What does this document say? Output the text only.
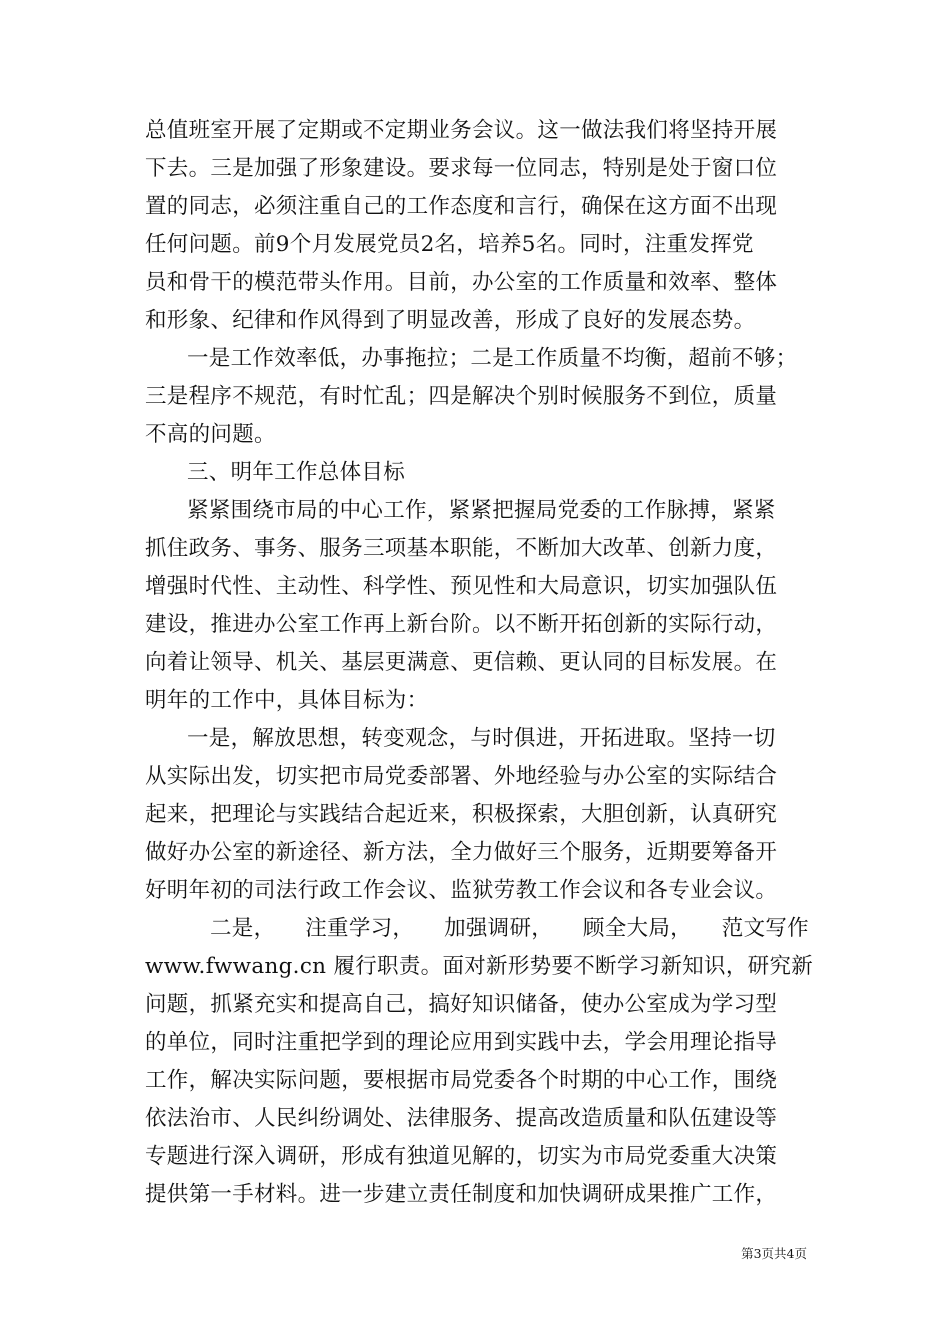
总值班室开展了定期或不定期业务会议。这一做法我们将坚持开展
下去。三是加强了形象建设。要求每一位同志，特别是处于窗口位
置的同志，必须注重自己的工作态度和言行，确保在这方面不出现
任何问题。前9个月发展党员2名，培养5名。同时，注重发挥党
员和骨干的模范带头作用。目前，办公室的工作质量和效率、整体
和形象、纪律和作风得到了明显改善，形成了良好的发展态势。
一是工作效率低，办事拖拉；二是工作质量不均衡，超前不够；
三是程序不规范，有时忙乱；四是解决个别时候服务不到位，质量
不高的问题。
三、明年工作总体目标
紧紧围绕市局的中心工作，紧紧把握局党委的工作脉搏，紧紧
抓住政务、事务、服务三项基本职能，不断加大改革、创新力度，
增强时代性、主动性、科学性、预见性和大局意识，切实加强队伍
建设，推进办公室工作再上新台阶。以不断开拓创新的实际行动，
向着让领导、机关、基层更满意、更信赖、更认同的目标发展。在
明年的工作中，具体目标为：
一是，解放思想，转变观念，与时俱进，开拓进取。坚持一切
从实际出发，切实把市局党委部署、外地经验与办公室的实际结合
起来，把理论与实践结合起近来，积极探索，大胆创新，认真研究
做好办公室的新途径、新方法，全力做好三个服务，近期要筹备开
好明年初的司法行政工作会议、监狱劳教工作会议和各专业会议。
二是， 注重学习， 加强调研， 顾全大局， 范文写作
www.fwwang.cn 履行职责。面对新形势要不断学习新知识，研究新
问题，抓紧充实和提高自己，搞好知识储备，使办公室成为学习型
的单位，同时注重把学到的理论应用到实践中去，学会用理论指导
工作，解决实际问题，要根据市局党委各个时期的中心工作，围绕
依法治市、人民纠纷调处、法律服务、提高改造质量和队伍建设等
专题进行深入调研，形成有独道见解的，切实为市局党委重大决策
提供第一手材料。进一步建立责任制度和加快调研成果推广工作，
第3页共4页
